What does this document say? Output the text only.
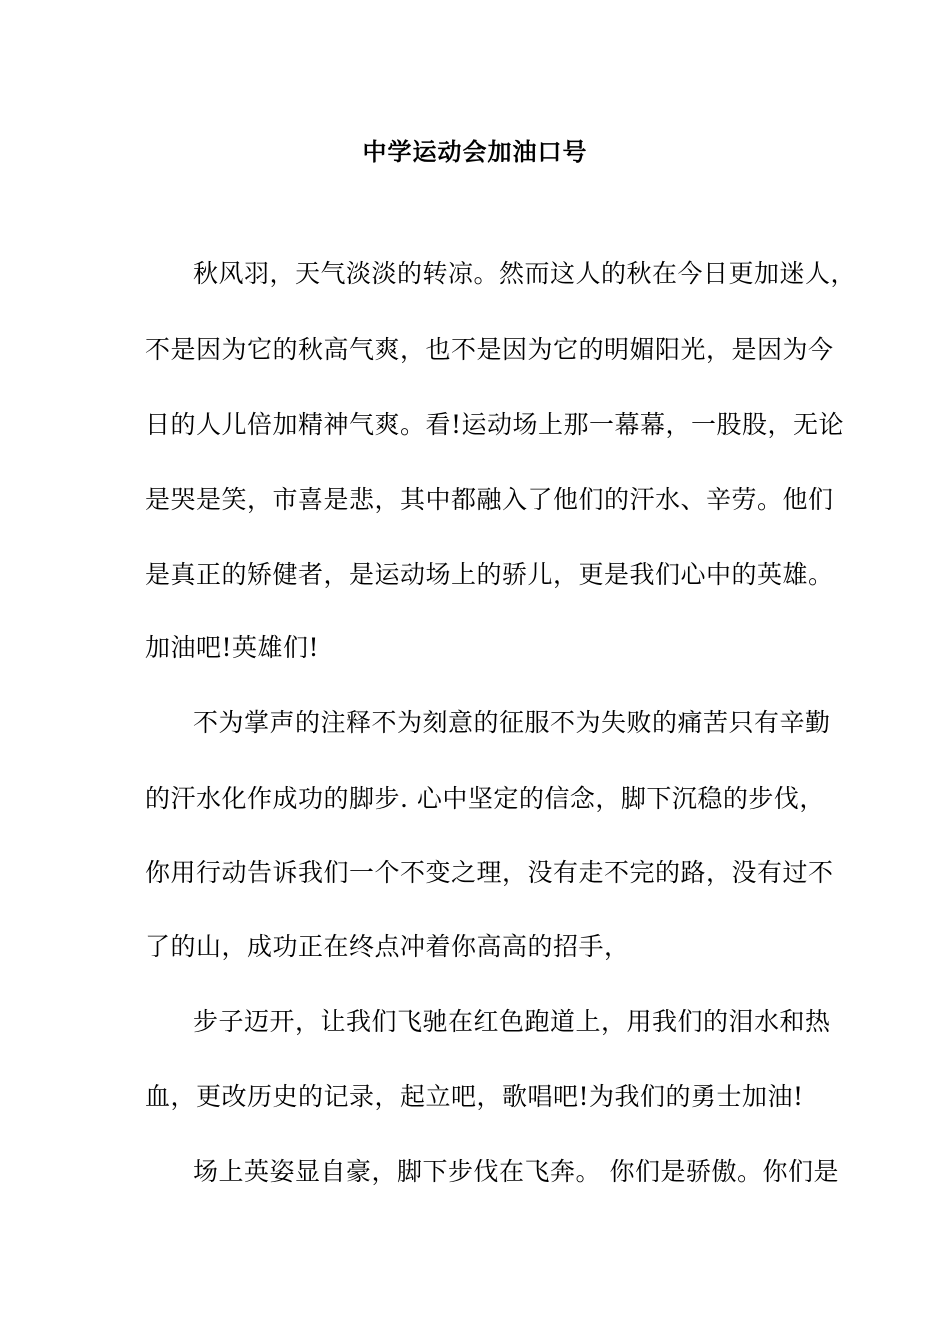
中学运动会加油口号
秋风羽，天气淡淡的转凉。然而这人的秋在今日更加迷人，
不是因为它的秋高气爽，也不是因为它的明媚阳光，是因为今
日的人儿倍加精神气爽。看!运动场上那一幕幕，一股股，无论
是哭是笑，市喜是悲，其中都融入了他们的汗水、辛劳。他们
是真正的矫健者，是运动场上的骄儿，更是我们心中的英雄。
加油吧!英雄们!
不为掌声的注释不为刻意的征服不为失败的痛苦只有辛勤
的汗水化作成功的脚步. 心中坚定的信念，脚下沉稳的步伐，
你用行动告诉我们一个不变之理，没有走不完的路，没有过不
了的山，成功正在终点冲着你高高的招手，
步子迈开，让我们飞驰在红色跑道上，用我们的泪水和热
血，更改历史的记录，起立吧，歌唱吧!为我们的勇士加油!
场上英姿显自豪，脚下步伐在飞奔。 你们是骄傲。你们是
